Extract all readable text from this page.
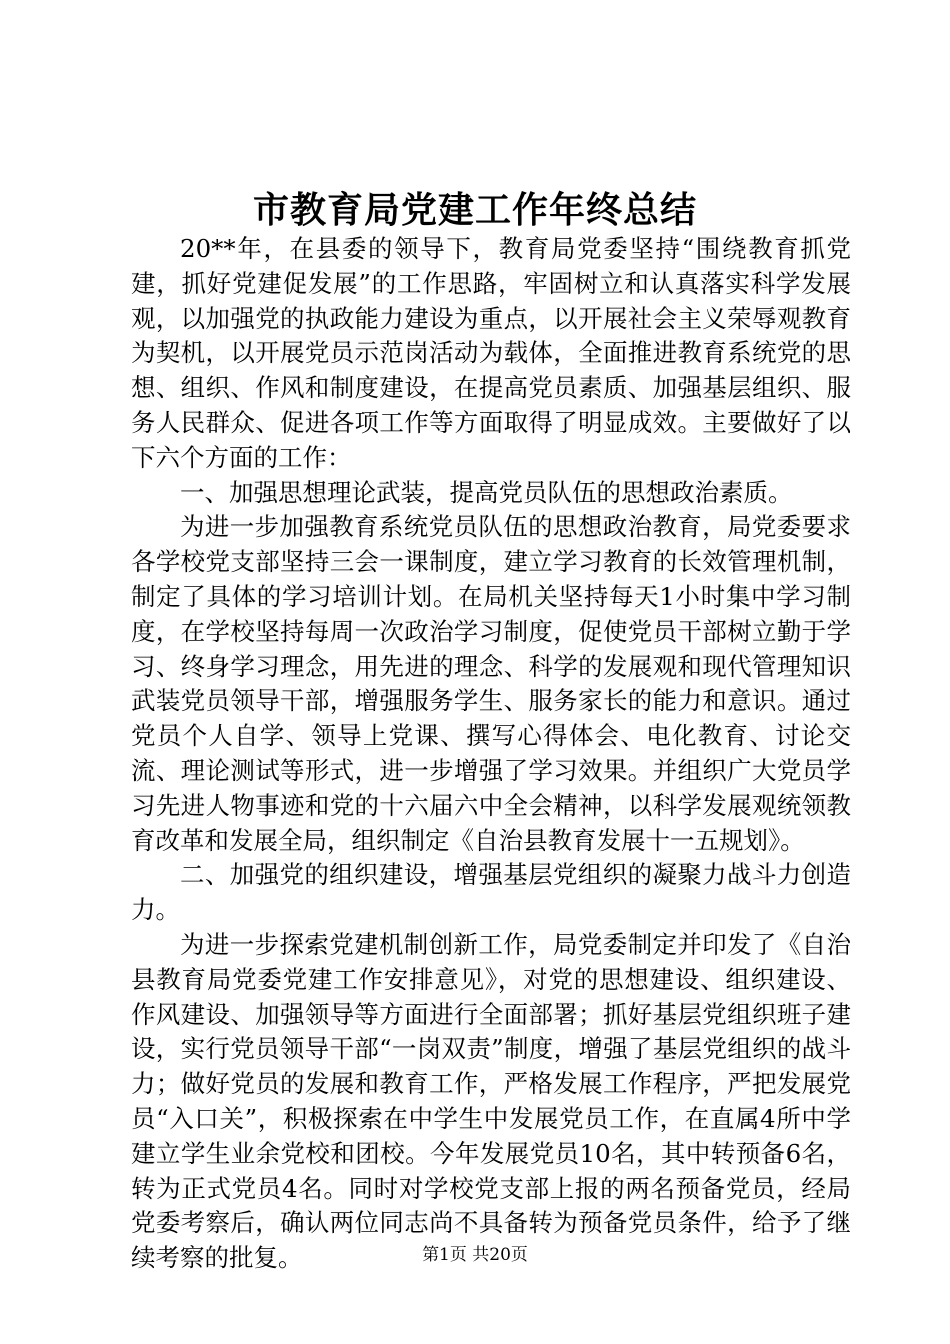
市教育局党建工作年终总结

20**年，在县委的领导下，教育局党委坚持“围绕教育抓党建，抓好党建促发展”的工作思路，牢固树立和认真落实科学发展观，以加强党的执政能力建设为重点，以开展社会主义荣辱观教育为契机，以开展党员示范岗活动为载体，全面推进教育系统党的思想、组织、作风和制度建设，在提高党员素质、加强基层组织、服务人民群众、促进各项工作等方面取得了明显成效。主要做好了以下六个方面的工作：

一、加强思想理论武装，提高党员队伍的思想政治素质。

为进一步加强教育系统党员队伍的思想政治教育，局党委要求各学校党支部坚持三会一课制度，建立学习教育的长效管理机制，制定了具体的学习培训计划。在局机关坚持每天1小时集中学习制度，在学校坚持每周一次政治学习制度，促使党员干部树立勤于学习、终身学习理念，用先进的理念、科学的发展观和现代管理知识武装党员领导干部，增强服务学生、服务家长的能力和意识。通过党员个人自学、领导上党课、撰写心得体会、电化教育、讨论交流、理论测试等形式，进一步增强了学习效果。并组织广大党员学习先进人物事迹和党的十六届六中全会精神，以科学发展观统领教育改革和发展全局，组织制定《自治县教育发展十一五规划》。

二、加强党的组织建设，增强基层党组织的凝聚力战斗力创造力。

为进一步探索党建机制创新工作，局党委制定并印发了《自治县教育局党委党建工作安排意见》，对党的思想建设、组织建设、作风建设、加强领导等方面进行全面部署；抓好基层党组织班子建设，实行党员领导干部“一岗双责”制度，增强了基层党组织的战斗力；做好党员的发展和教育工作，严格发展工作程序，严把发展党员“入口关”，积极探索在中学生中发展党员工作，在直属4所中学建立学生业余党校和团校。今年发展党员10名，其中转预备6名，转为正式党员4名。同时对学校党支部上报的两名预备党员，经局党委考察后，确认两位同志尚不具备转为预备党员条件，给予了继续考察的批复。	第1页 共20页
